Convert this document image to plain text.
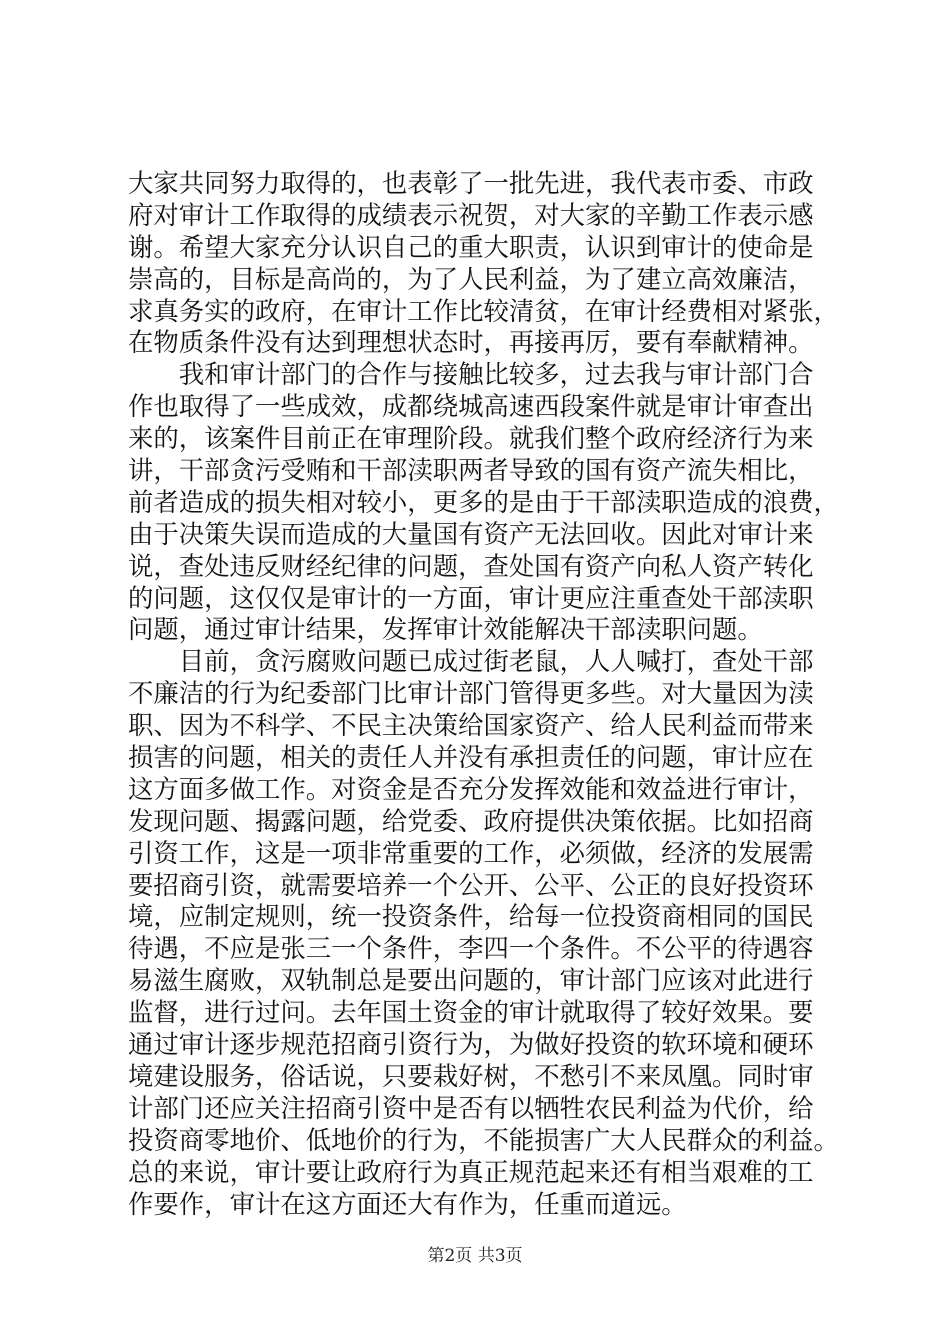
大家共同努力取得的，也表彰了一批先进，我代表市委、市政
府对审计工作取得的成绩表示祝贺，对大家的辛勤工作表示感
谢。希望大家充分认识自己的重大职责，认识到审计的使命是
崇高的，目标是高尚的，为了人民利益，为了建立高效廉洁，
求真务实的政府，在审计工作比较清贫，在审计经费相对紧张，
在物质条件没有达到理想状态时，再接再厉，要有奉献精神。
　　我和审计部门的合作与接触比较多，过去我与审计部门合
作也取得了一些成效，成都绕城高速西段案件就是审计审查出
来的，该案件目前正在审理阶段。就我们整个政府经济行为来
讲，干部贪污受贿和干部渎职两者导致的国有资产流失相比，
前者造成的损失相对较小，更多的是由于干部渎职造成的浪费，
由于决策失误而造成的大量国有资产无法回收。因此对审计来
说，查处违反财经纪律的问题，查处国有资产向私人资产转化
的问题，这仅仅是审计的一方面，审计更应注重查处干部渎职
问题，通过审计结果，发挥审计效能解决干部渎职问题。
　　目前，贪污腐败问题已成过街老鼠，人人喊打，查处干部
不廉洁的行为纪委部门比审计部门管得更多些。对大量因为渎
职、因为不科学、不民主决策给国家资产、给人民利益而带来
损害的问题，相关的责任人并没有承担责任的问题，审计应在
这方面多做工作。对资金是否充分发挥效能和效益进行审计，
发现问题、揭露问题，给党委、政府提供决策依据。比如招商
引资工作，这是一项非常重要的工作，必须做，经济的发展需
要招商引资，就需要培养一个公开、公平、公正的良好投资环
境，应制定规则，统一投资条件，给每一位投资商相同的国民
待遇，不应是张三一个条件，李四一个条件。不公平的待遇容
易滋生腐败，双轨制总是要出问题的，审计部门应该对此进行
监督，进行过问。去年国土资金的审计就取得了较好效果。要
通过审计逐步规范招商引资行为，为做好投资的软环境和硬环
境建设服务，俗话说，只要栽好树，不愁引不来凤凰。同时审
计部门还应关注招商引资中是否有以牺牲农民利益为代价，给
投资商零地价、低地价的行为，不能损害广大人民群众的利益。
总的来说，审计要让政府行为真正规范起来还有相当艰难的工
作要作，审计在这方面还大有作为，任重而道远。
第2页 共3页
